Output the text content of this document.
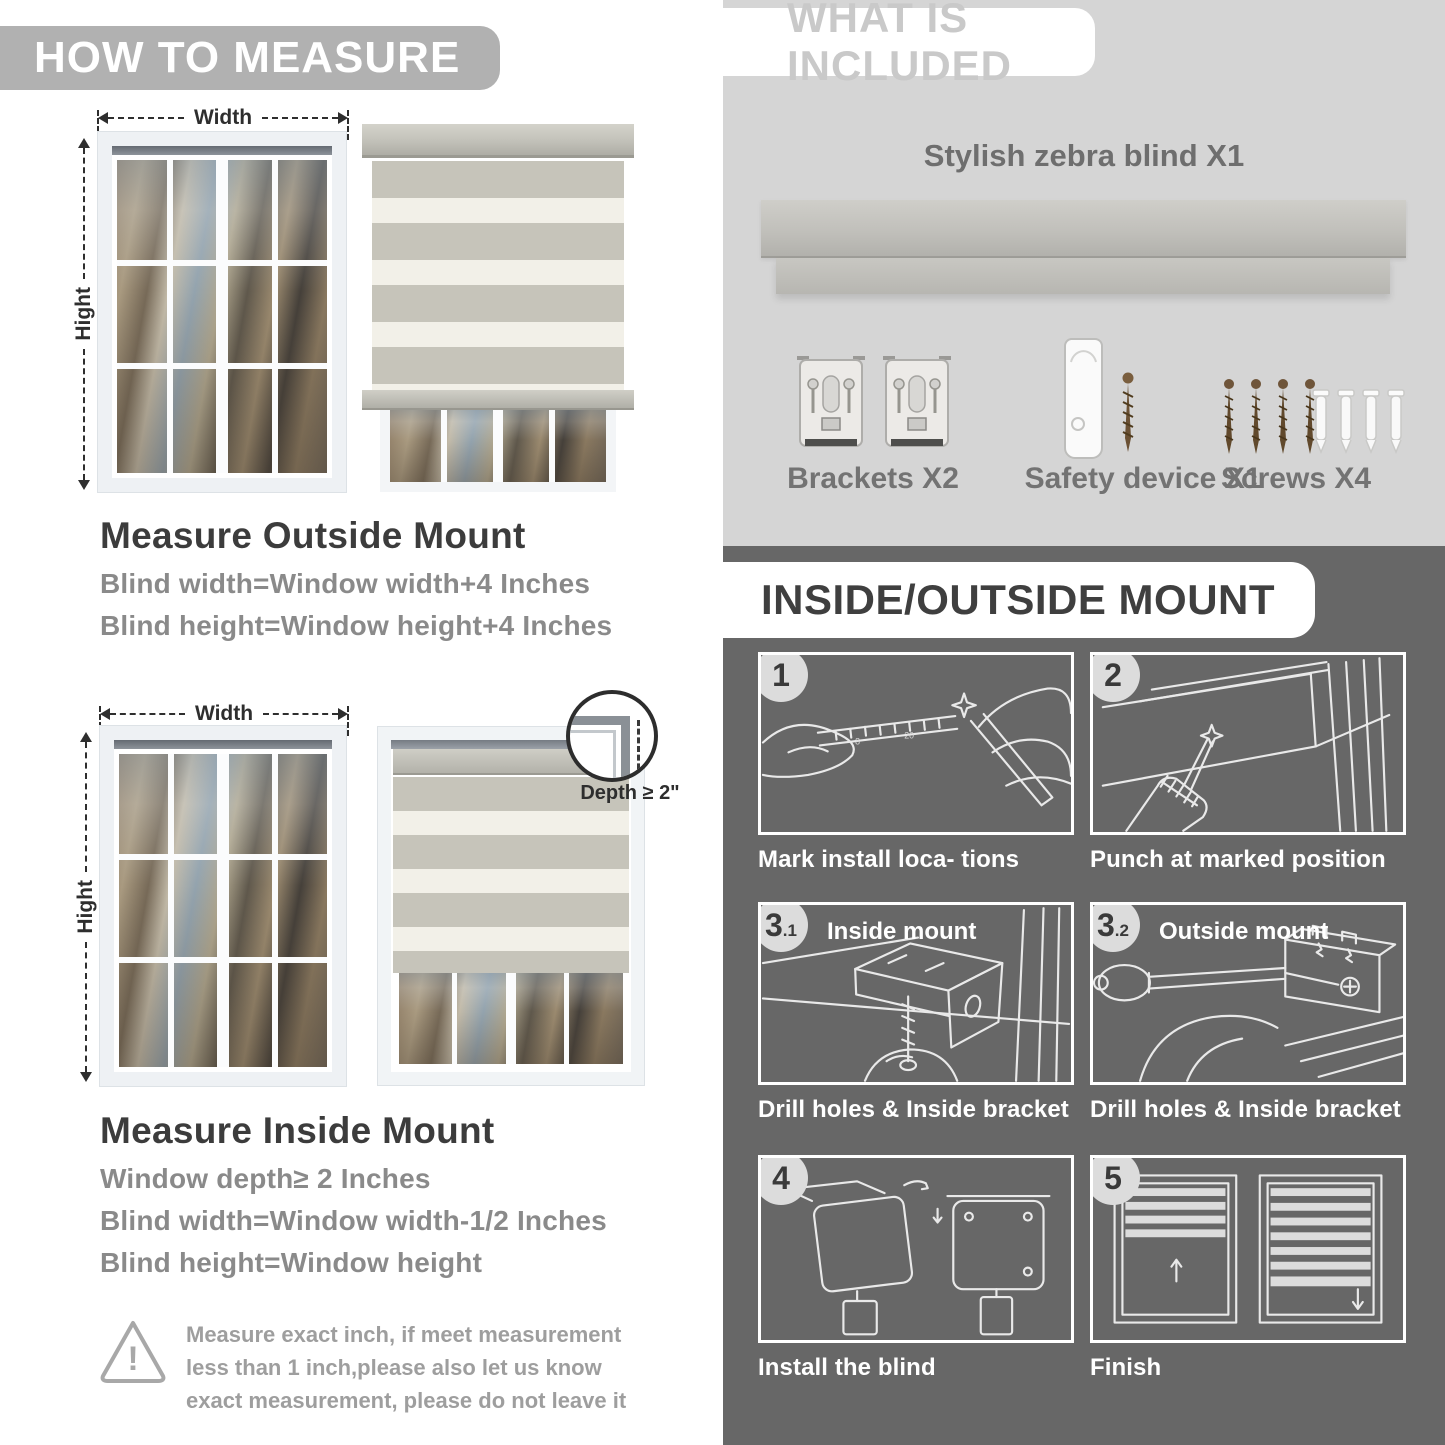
HOW TO MEASURE
Width
Hight
Measure Outside Mount
Blind width=Window width+4 Inches
Blind height=Window height+4 Inches
Width
Hight
Depth ≥ 2"
Measure Inside Mount
Window depth≥ 2 Inches
Blind width=Window width-1/2 Inches
Blind height=Window height
!
Measure exact inch, if meet measurement less than 1 inch,please also let us know exact measurement, please do not leave it
WHAT IS INCLUDED
Stylish zebra blind X1
Brackets X2	Safety device X1
Screws X4
INSIDE/OUTSIDE MOUNT
1
8
20
Mark install loca- tions
2
Punch at marked position
3 .1 Inside mount
Drill holes & Inside bracket
3 .2 Outside mount
Drill holes & Inside bracket
4
Install the blind
5
Finish
